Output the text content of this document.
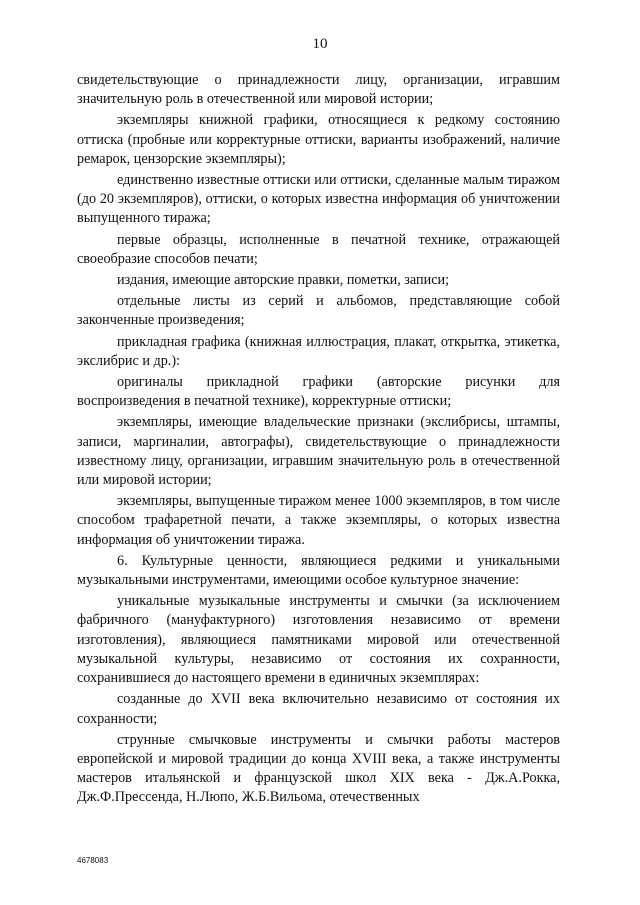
10

свидетельствующие о принадлежности лицу, организации, игравшим значительную роль в отечественной или мировой истории;

экземпляры книжной графики, относящиеся к редкому состоянию оттиска (пробные или корректурные оттиски, варианты изображений, наличие ремарок, цензорские экземпляры);

единственно известные оттиски или оттиски, сделанные малым тиражом (до 20 экземпляров), оттиски, о которых известна информация об уничтожении выпущенного тиража;

первые образцы, исполненные в печатной технике, отражающей своеобразие способов печати;

издания, имеющие авторские правки, пометки, записи;

отдельные листы из серий и альбомов, представляющие собой законченные произведения;

прикладная графика (книжная иллюстрация, плакат, открытка, этикетка, экслибрис и др.):

оригиналы прикладной графики (авторские рисунки для воспроизведения в печатной технике), корректурные оттиски;

экземпляры, имеющие владельческие признаки (экслибрисы, штампы, записи, маргиналии, автографы), свидетельствующие о принадлежности известному лицу, организации, игравшим значительную роль в отечественной или мировой истории;

экземпляры, выпущенные тиражом менее 1000 экземпляров, в том числе способом трафаретной печати, а также экземпляры, о которых известна информация об уничтожении тиража.

6. Культурные ценности, являющиеся редкими и уникальными музыкальными инструментами, имеющими особое культурное значение:

уникальные музыкальные инструменты и смычки (за исключением фабричного (мануфактурного) изготовления независимо от времени изготовления), являющиеся памятниками мировой или отечественной музыкальной культуры, независимо от состояния их сохранности, сохранившиеся до настоящего времени в единичных экземплярах:

созданные до XVII века включительно независимо от состояния их сохранности;

струнные смычковые инструменты и смычки работы мастеров европейской и мировой традиции до конца XVIII века, а также инструменты мастеров итальянской и французской школ XIX века - Дж.А.Рокка, Дж.Ф.Прессенда, Н.Люпо, Ж.Б.Вильома, отечественных

4678083
